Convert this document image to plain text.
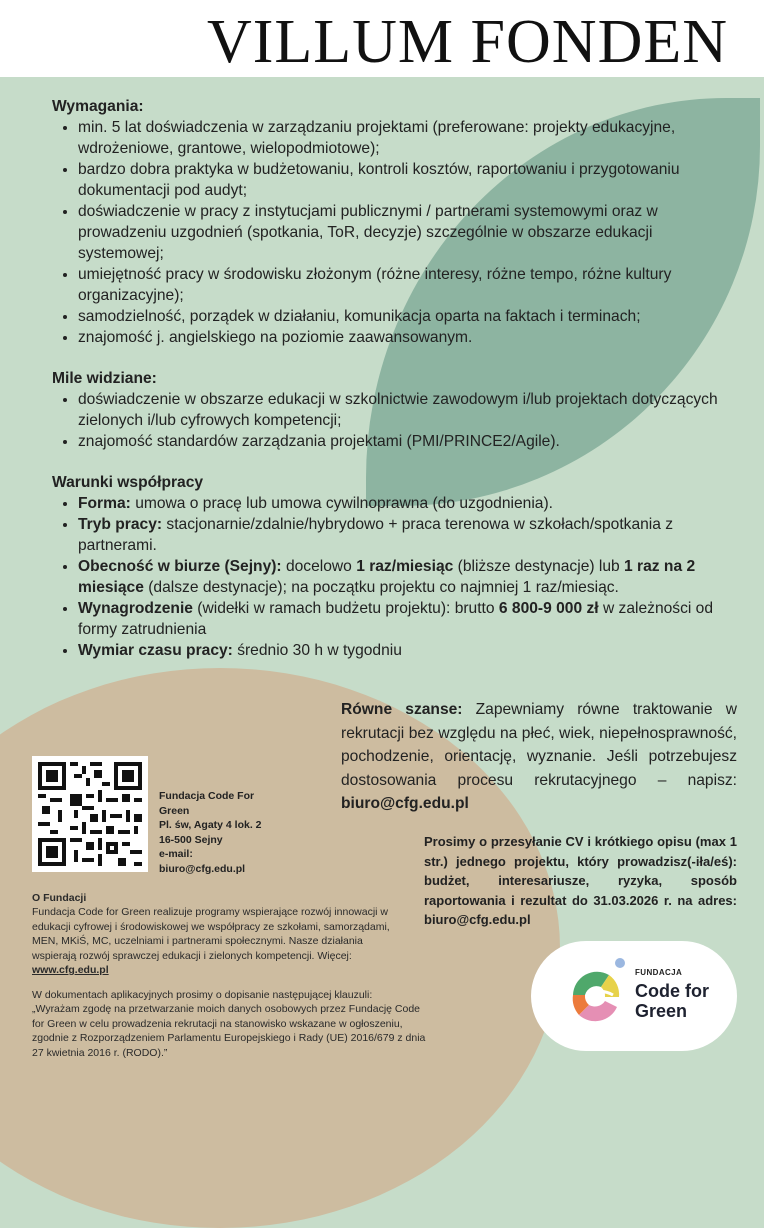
VILLUM FONDEN
Wymagania:
• min. 5 lat doświadczenia w zarządzaniu projektami (preferowane: projekty edukacyjne, wdrożeniowe, grantowe, wielopodmiotowe);
• bardzo dobra praktyka w budżetowaniu, kontroli kosztów, raportowaniu i przygotowaniu dokumentacji pod audyt;
• doświadczenie w pracy z instytucjami publicznymi / partnerami systemowymi oraz w prowadzeniu uzgodnień (spotkania, ToR, decyzje) szczególnie w obszarze edukacji systemowej;
• umiejętność pracy w środowisku złożonym (różne interesy, różne tempo, różne kultury organizacyjne);
• samodzielność, porządek w działaniu, komunikacja oparta na faktach i terminach;
• znajomość j. angielskiego na poziomie zaawansowanym.
Mile widziane:
• doświadczenie w obszarze edukacji w szkolnictwie zawodowym i/lub projektach dotyczących zielonych i/lub cyfrowych kompetencji;
• znajomość standardów zarządzania projektami (PMI/PRINCE2/Agile).
Warunki współpracy
• Forma: umowa o pracę lub umowa cywilnoprawna (do uzgodnienia).
• Tryb pracy: stacjonarnie/zdalnie/hybrydowo + praca terenowa w szkołach/spotkania z partnerami.
• Obecność w biurze (Sejny): docelowo 1 raz/miesiąc (bliższe destynacje) lub 1 raz na 2 miesiące (dalsze destynacje); na początku projektu co najmniej 1 raz/miesiąc.
• Wynagrodzenie (widełki w ramach budżetu projektu): brutto 6 800-9 000 zł w zależności od formy zatrudnienia
• Wymiar czasu pracy: średnio 30 h w tygodniu
Równe szanse: Zapewniamy równe traktowanie w rekrutacji bez względu na płeć, wiek, niepełnosprawność, pochodzenie, orientację, wyznanie. Jeśli potrzebujesz dostosowania procesu rekrutacyjnego – napisz: biuro@cfg.edu.pl
Prosimy o przesyłanie CV i krótkiego opisu (max 1 str.) jednego projektu, który prowadzisz(-iła/eś): budżet, interesariusze, ryzyka, sposób raportowania i rezultat do 31.03.2026 r. na adres: biuro@cfg.edu.pl
Fundacja Code For Green
Pl. św, Agaty 4 lok. 2
16-500 Sejny
e-mail:
biuro@cfg.edu.pl
O Fundacji
Fundacja Code for Green realizuje programy wspierające rozwój innowacji w edukacji cyfrowej i środowiskowej we współpracy ze szkołami, samorządami, MEN, MKiŚ, MC, uczelniami i partnerami społecznymi. Nasze działania wspierają rozwój sprawczej edukacji i zielonych kompetencji. Więcej: www.cfg.edu.pl
W dokumentach aplikacyjnych prosimy o dopisanie następującej klauzuli:
„Wyrażam zgodę na przetwarzanie moich danych osobowych przez Fundację Code for Green w celu prowadzenia rekrutacji na stanowisko wskazane w ogłoszeniu, zgodnie z Rozporządzeniem Parlamentu Europejskiego i Rady (UE) 2016/679 z dnia 27 kwietnia 2016 r. (RODO).”
FUNDACJA
Code for
Green
